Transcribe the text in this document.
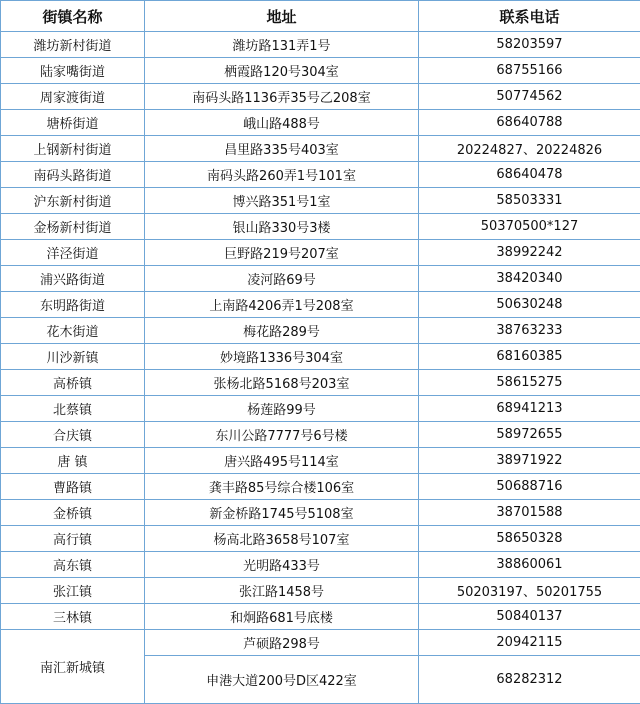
街镇名称	地址	联系电话
潍坊新村街道	潍坊路131弄1号	58203597
陆家嘴街道	栖霞路120号304室	68755166
周家渡街道	南码头路1136弄35号乙208室	50774562
塘桥街道	峨山路488号	68640788
上钢新村街道	昌里路335号403室	20224827、20224826
南码头路街道	南码头路260弄1号101室	68640478
沪东新村街道	博兴路351号1室	58503331
金杨新村街道	银山路330号3楼	50370500*127
洋泾街道	巨野路219号207室	38992242
浦兴路街道	凌河路69号	38420340
东明路街道	上南路4206弄1号208室	50630248
花木街道	梅花路289号	38763233
川沙新镇	妙境路1336号304室	68160385
高桥镇	张杨北路5168号203室	58615275
北蔡镇	杨莲路99号	68941213
合庆镇	东川公路7777号6号楼	58972655
唐 镇	唐兴路495号114室	38971922
曹路镇	龚丰路85号综合楼106室	50688716
金桥镇	新金桥路1745号5108室	38701588
高行镇	杨高北路3658号107室	58650328
高东镇	光明路433号	38860061
张江镇	张江路1458号	50203197、50201755
三林镇	和炯路681号底楼	50840137
南汇新城镇	芦硕路298号	20942115
	申港大道200号D区422室	68282312
